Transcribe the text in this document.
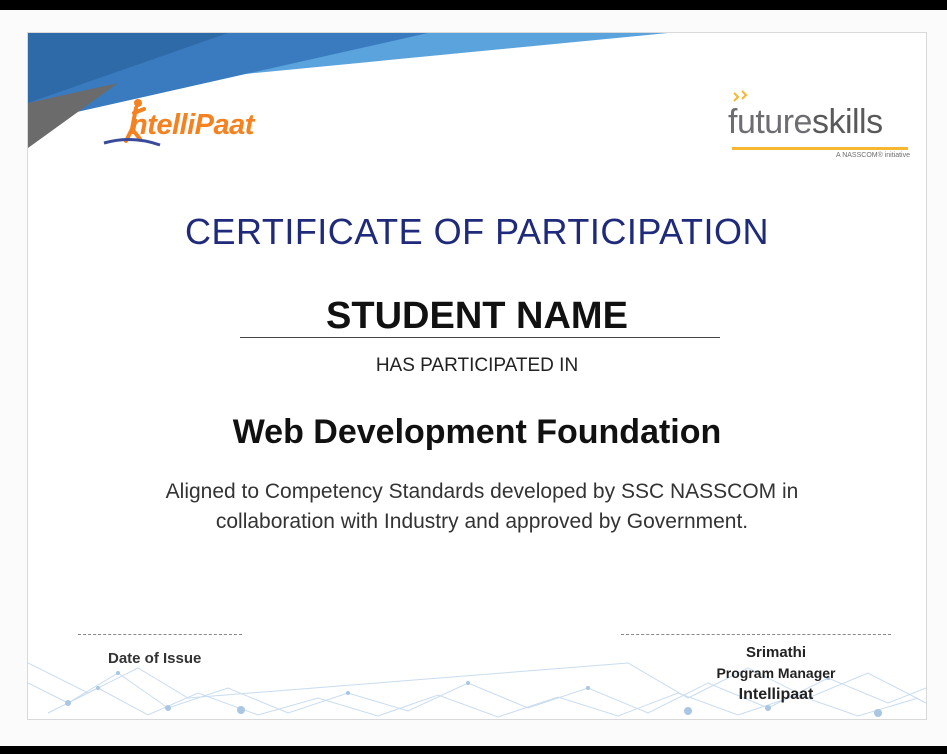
ntelliPaat	futureskills
A NASSCOM® initiative
CERTIFICATE OF PARTICIPATION
STUDENT NAME
HAS PARTICIPATED IN
Web Development Foundation
Aligned to Competency Standards developed by SSC NASSCOM in
collaboration with Industry and approved by Government.
Date of Issue	Srimathi
Program Manager
Intellipaat
